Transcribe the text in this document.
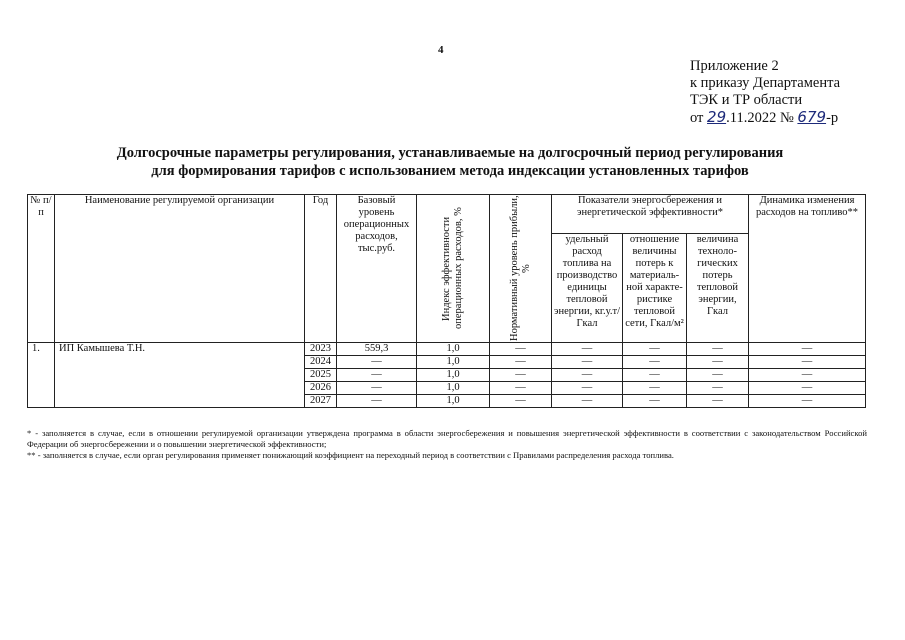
4
Приложение 2
к приказу Департамента
ТЭК и ТР области
от 29.11.2022 № 679-р
Долгосрочные параметры регулирования, устанавливаемые на долгосрочный период регулирования
для формирования тарифов с использованием метода индексации установленных тарифов
№ п/п	Наименование регулируемой организации	Год	Базовый уровень операционных расходов, тыс.руб.	Индекс эффективности операционных расходов, %	Нормативный уровень прибыли, %	Показатели энергосбережения и энергетической эффективности*			Динамика изменения расходов на топливо**
						удельный расход топлива на производство единицы тепловой энергии, кг.у.т/Гкал	отношение величины потерь к материаль-ной характе-ристике тепловой сети, Гкал/м²	величина техноло-гических потерь тепловой энергии, Гкал	
1.	ИП Камышева Т.Н.	2023	559,3	1,0	—	—	—	—	—
		2024	—	1,0	—	—	—	—	—
		2025	—	1,0	—	—	—	—	—
		2026	—	1,0	—	—	—	—	—
		2027	—	1,0	—	—	—	—	—

* - заполняется в случае, если в отношении регулируемой организации утверждена программа в области энергосбережения и повышения энергетической эффективности в соответствии с законодательством Российской Федерации об энергосбережении и о повышении энергетической эффективности;

** - заполняется в случае, если орган регулирования применяет понижающий коэффициент на переходный период в соответствии с Правилами распределения расхода топлива.
